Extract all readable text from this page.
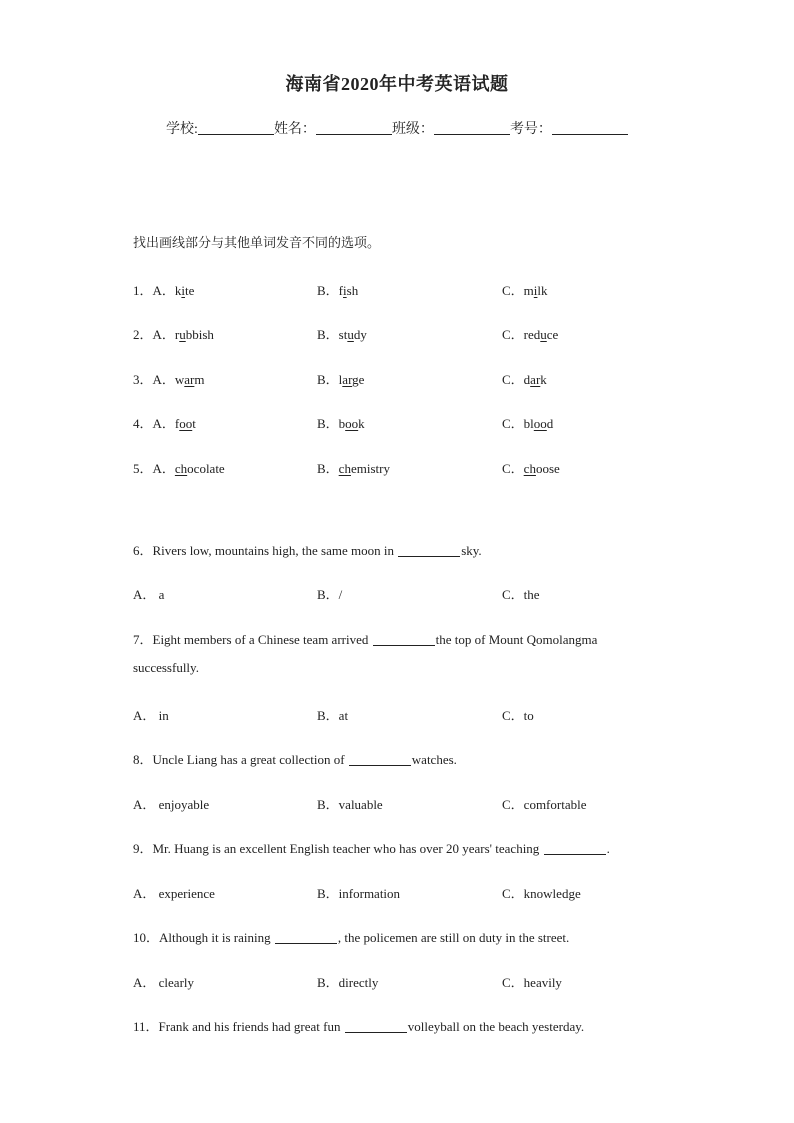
海南省2020年中考英语试题
学校:	姓名：	班级：	考号：
找出画线部分与其他单词发音不同的选项。
1．A．kite	B．fish	C．milk
2．A．rubbish	B．study	C．reduce
3．A．warm	B．large	C．dark
4．A．foot	B．book	C．blood
5．A．chocolate	B．chemistry	C．choose
6．Rivers low, mountains high, the same moon in	sky.
A． a	B．/	C．the
7．Eight members of a Chinese team arrived	the top of Mount Qomolangma
successfully.
A． in	B．at	C．to
8．Uncle Liang has a great collection of	watches.
A． enjoyable	B．valuable	C．comfortable
9．Mr. Huang is an excellent English teacher who has over 20 years' teaching	.
A． experience	B．information	C．knowledge
10．Although it is raining	, the policemen are still on duty in the street.
A． clearly	B．directly	C．heavily
11．Frank and his friends had great fun	volleyball on the beach yesterday.
